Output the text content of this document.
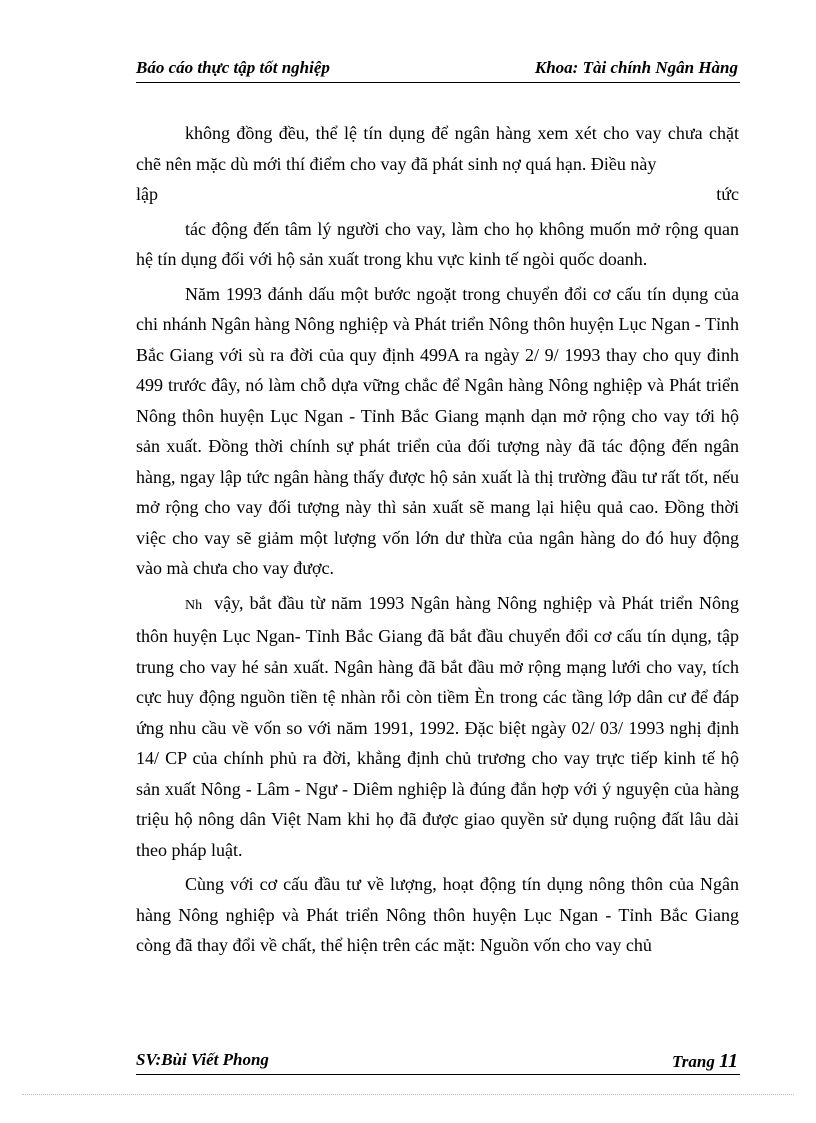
Báo cáo thực tập tốt nghiệp	Khoa: Tài chính Ngân Hàng

không đồng đều, thể lệ tín dụng để ngân hàng xem xét cho vay chưa chặt chẽ nên mặc dù mới thí điểm cho vay đã phát sinh nợ quá hạn. Điều này

lập	tức

tác động đến tâm lý người cho vay, làm cho họ không muốn mở rộng quan hệ tín dụng đối với hộ sản xuất trong khu vực kinh tế ngòi quốc doanh.

Năm 1993 đánh dấu một bước ngoặt trong chuyển đổi cơ cấu tín dụng của chi nhánh Ngân hàng Nông nghiệp và Phát triển Nông thôn huyện Lục Ngan - Tỉnh Bắc Giang với sù ra đời của quy định 499A ra ngày 2/ 9/ 1993 thay cho quy đinh 499 trước đây, nó làm chỗ dựa vững chắc để Ngân hàng Nông nghiệp và Phát triển Nông thôn huyện Lục Ngan - Tỉnh Bắc Giang mạnh dạn mở rộng cho vay tới hộ sản xuất. Đồng thời chính sự phát triển của đối tượng này đã tác động đến ngân hàng, ngay lập tức ngân hàng thấy được hộ sản xuất là thị trường đầu tư rất tốt, nếu mở rộng cho vay đối tượng này thì sản xuất sẽ mang lại hiệu quả cao. Đồng thời việc cho vay sẽ giảm một lượng vốn lớn dư thừa của ngân hàng do đó huy động vào mà chưa cho vay được.

Nh vậy, bắt đầu từ năm 1993 Ngân hàng Nông nghiệp và Phát triển Nông thôn huyện Lục Ngan- Tỉnh Bắc Giang đã bắt đầu chuyển đổi cơ cấu tín dụng, tập trung cho vay hé sản xuất. Ngân hàng đã bắt đầu mở rộng mạng lưới cho vay, tích cực huy động nguồn tiền tệ nhàn rỗi còn tiềm Èn trong các tầng lớp dân cư để đáp ứng nhu cầu về vốn so với năm 1991, 1992. Đặc biệt ngày 02/ 03/ 1993 nghị định 14/ CP của chính phủ ra đời, khẳng định chủ trương cho vay trực tiếp kinh tế hộ sản xuất Nông - Lâm - Ngư - Diêm nghiệp là đúng đắn hợp với ý nguyện của hàng triệu hộ nông dân Việt Nam khi họ đã được giao quyền sử dụng ruộng đất lâu dài theo pháp luật.

Cùng với cơ cấu đầu tư về lượng, hoạt động tín dụng nông thôn của Ngân hàng Nông nghiệp và Phát triển Nông thôn huyện Lục Ngan - Tỉnh Bắc Giang còng đã thay đổi về chất, thể hiện trên các mặt: Nguồn vốn cho vay chủ

SV:Bùi Viết Phong	Trang 11
